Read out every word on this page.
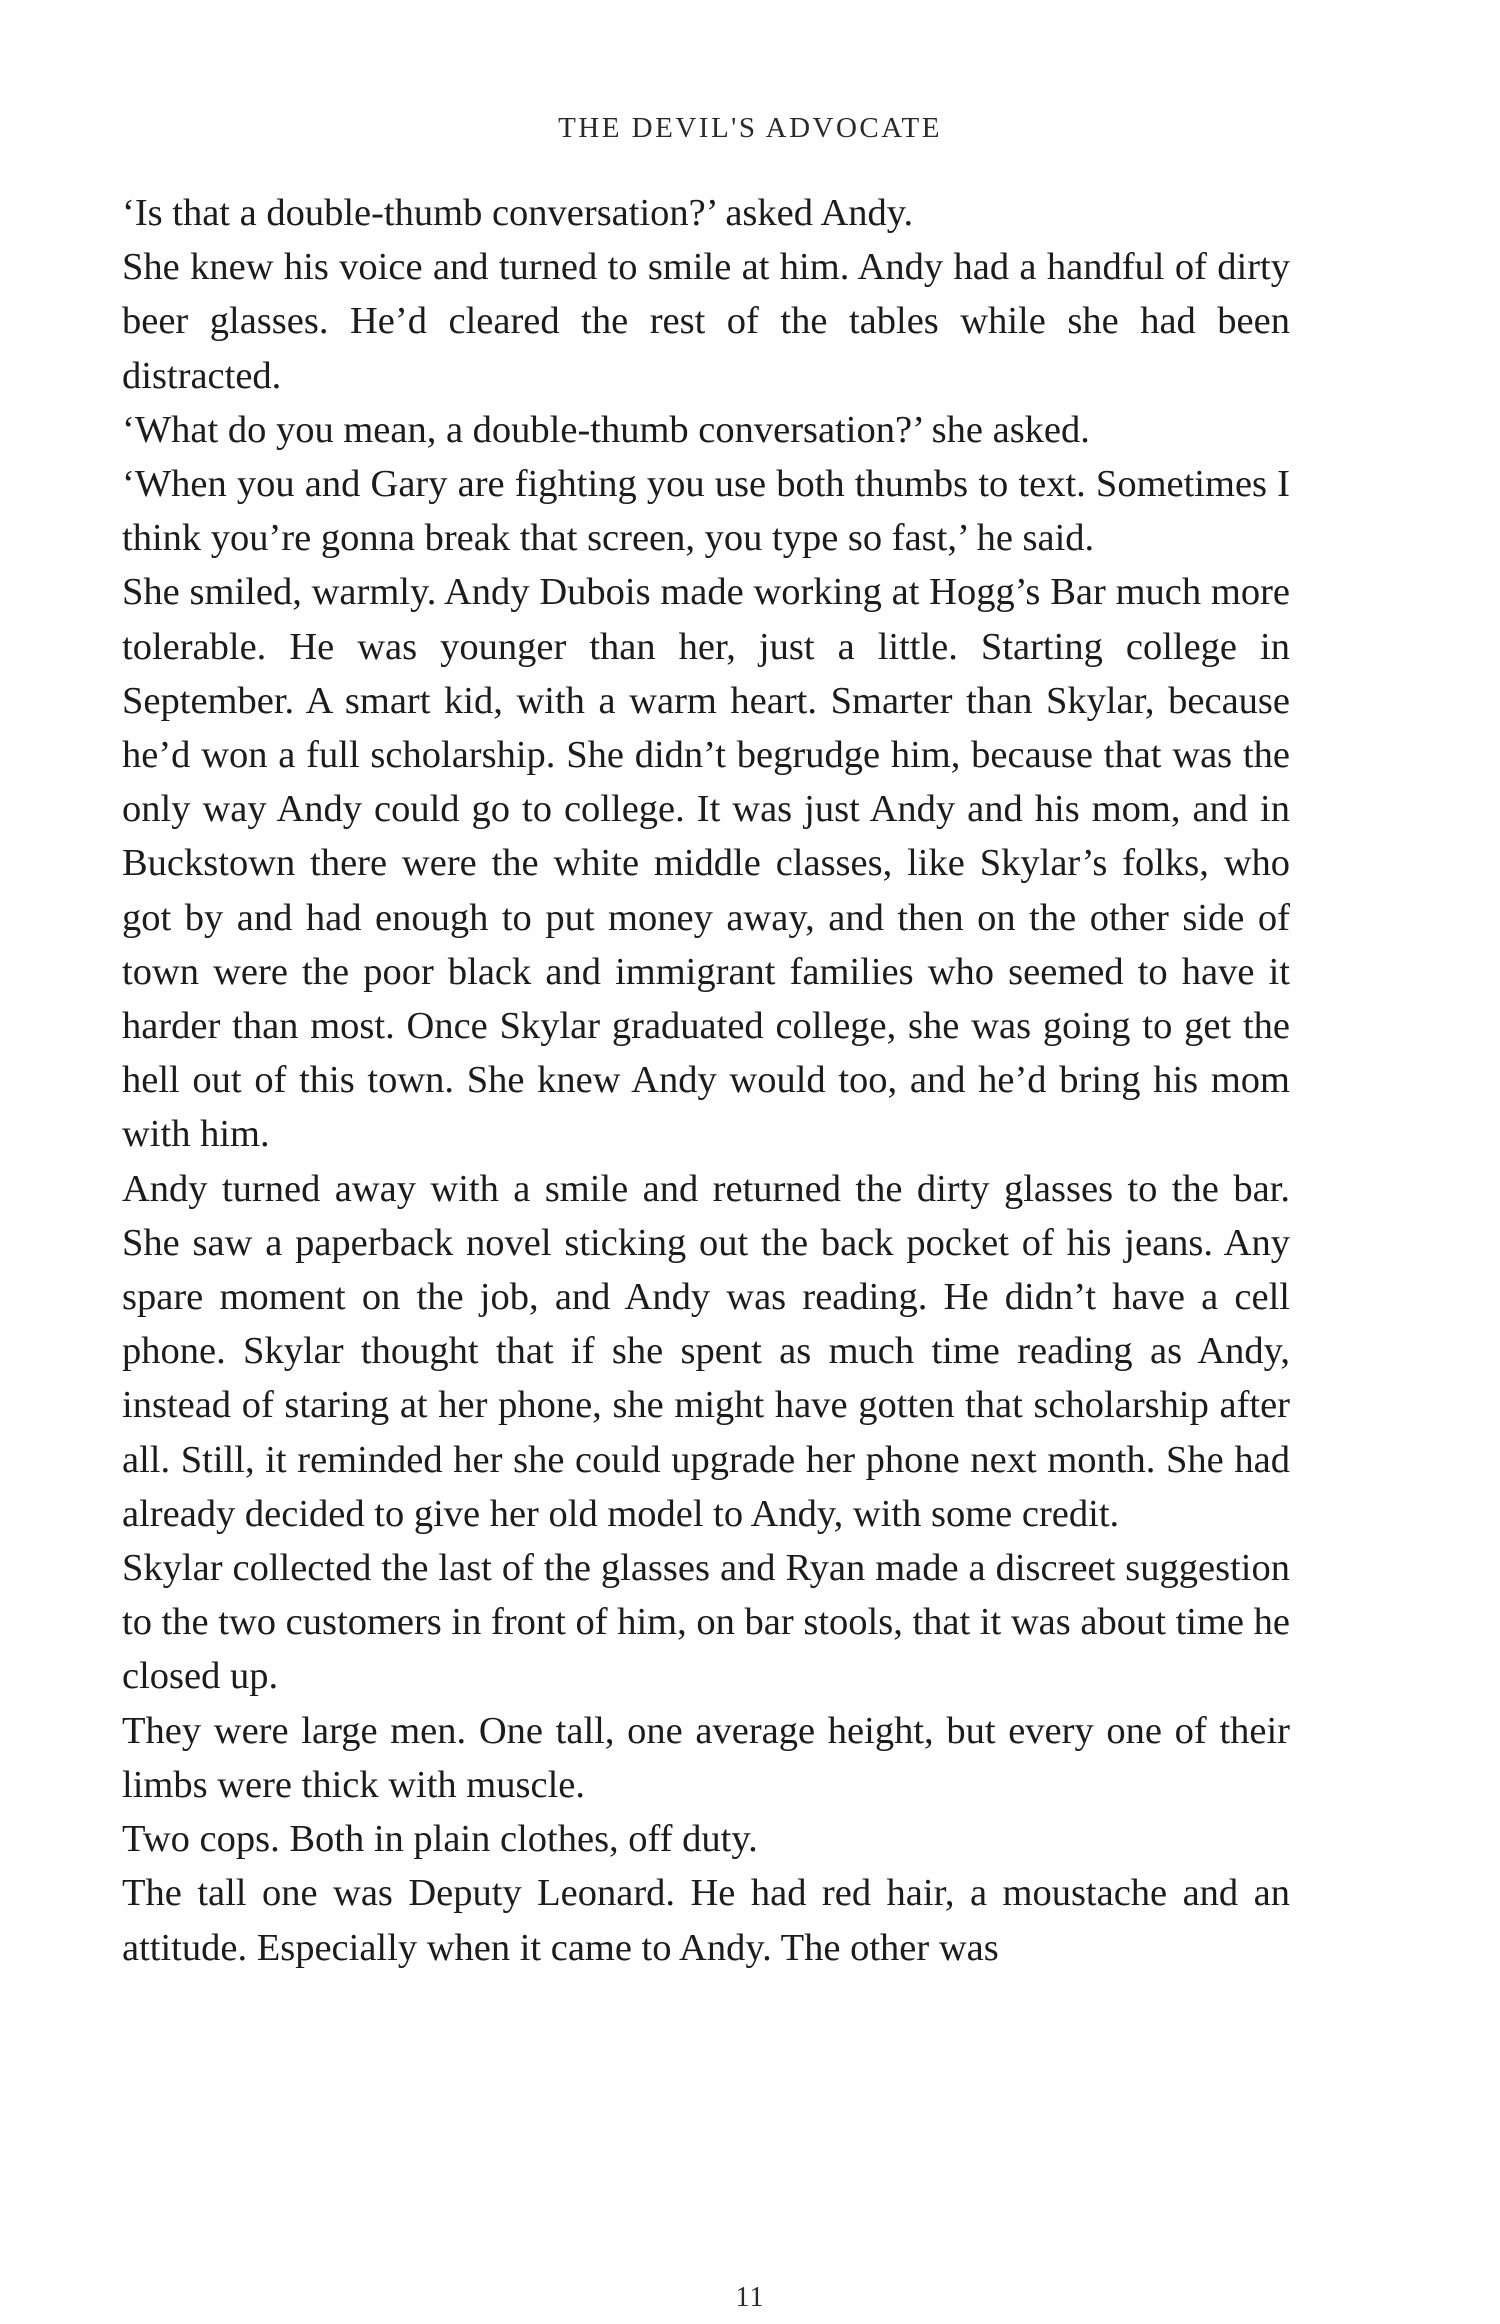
THE DEVIL'S ADVOCATE

‘Is that a double-thumb conversation?’ asked Andy.

She knew his voice and turned to smile at him. Andy had a handful of dirty beer glasses. He’d cleared the rest of the tables while she had been distracted.

‘What do you mean, a double-thumb conversation?’ she asked.

‘When you and Gary are fighting you use both thumbs to text. Sometimes I think you’re gonna break that screen, you type so fast,’ he said.

She smiled, warmly. Andy Dubois made working at Hogg’s Bar much more tolerable. He was younger than her, just a little. Starting college in September. A smart kid, with a warm heart. Smarter than Skylar, because he’d won a full scholarship. She didn’t begrudge him, because that was the only way Andy could go to college. It was just Andy and his mom, and in Buckstown there were the white middle classes, like Skylar’s folks, who got by and had enough to put money away, and then on the other side of town were the poor black and immigrant families who seemed to have it harder than most. Once Skylar graduated college, she was going to get the hell out of this town. She knew Andy would too, and he’d bring his mom with him.

Andy turned away with a smile and returned the dirty glasses to the bar. She saw a paperback novel sticking out the back pocket of his jeans. Any spare moment on the job, and Andy was reading. He didn’t have a cell phone. Skylar thought that if she spent as much time reading as Andy, instead of staring at her phone, she might have gotten that scholarship after all. Still, it reminded her she could upgrade her phone next month. She had already decided to give her old model to Andy, with some credit.

Skylar collected the last of the glasses and Ryan made a discreet suggestion to the two customers in front of him, on bar stools, that it was about time he closed up.

They were large men. One tall, one average height, but every one of their limbs were thick with muscle.

Two cops. Both in plain clothes, off duty.

The tall one was Deputy Leonard. He had red hair, a moustache and an attitude. Especially when it came to Andy. The other was

11
